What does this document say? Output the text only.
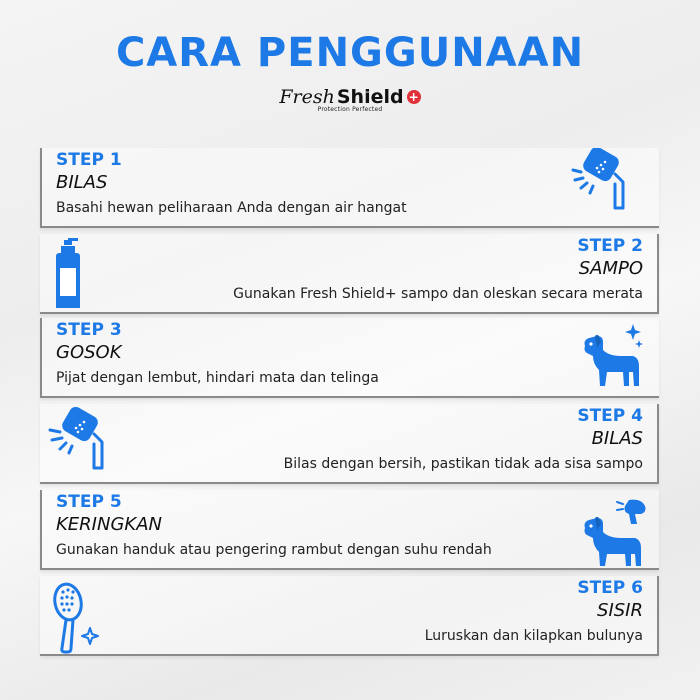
CARA PENGGUNAAN
Fresh Shield +
Protection Perfected
STEP 1
BILAS
Basahi hewan peliharaan Anda dengan air hangat
STEP 2
SAMPO
Gunakan Fresh Shield+ sampo dan oleskan secara merata
STEP 3
GOSOK
Pijat dengan lembut, hindari mata dan telinga
STEP 4
BILAS
Bilas dengan bersih, pastikan tidak ada sisa sampo
STEP 5
KERINGKAN
Gunakan handuk atau pengering rambut dengan suhu rendah
STEP 6
SISIR
Luruskan dan kilapkan bulunya
